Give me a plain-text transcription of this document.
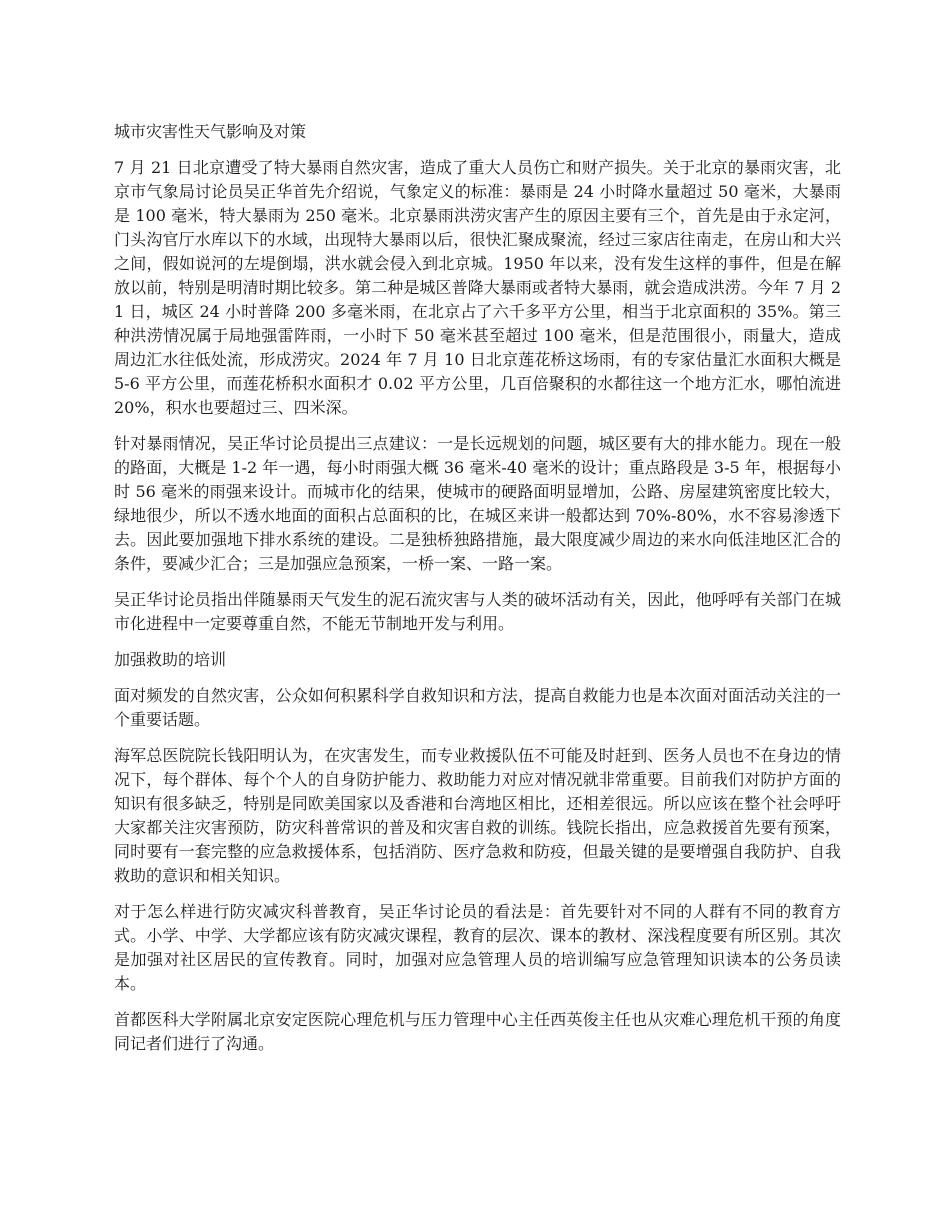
城市灾害性天气影响及对策

7 月 21 日北京遭受了特大暴雨自然灾害，造成了重大人员伤亡和财产损失。关于北京的暴雨灾害，北京市气象局讨论员吴正华首先介绍说，气象定义的标准：暴雨是 24 小时降水量超过 50 毫米，大暴雨是 100 毫米，特大暴雨为 250 毫米。北京暴雨洪涝灾害产生的原因主要有三个，首先是由于永定河，门头沟官厅水库以下的水域，出现特大暴雨以后，很快汇聚成聚流，经过三家店往南走，在房山和大兴之间，假如说河的左堤倒塌，洪水就会侵入到北京城。1950 年以来，没有发生这样的事件，但是在解放以前，特别是明清时期比较多。第二种是城区普降大暴雨或者特大暴雨，就会造成洪涝。今年 7 月 21 日，城区 24 小时普降 200 多毫米雨，在北京占了六千多平方公里，相当于北京面积的 35%。第三种洪涝情况属于局地强雷阵雨，一小时下 50 毫米甚至超过 100 毫米，但是范围很小，雨量大，造成周边汇水往低处流，形成涝灾。2024 年 7 月 10 日北京莲花桥这场雨，有的专家估量汇水面积大概是 5-6 平方公里，而莲花桥积水面积才 0.02 平方公里，几百倍聚积的水都往这一个地方汇水，哪怕流进 20%，积水也要超过三、四米深。

针对暴雨情况，吴正华讨论员提出三点建议：一是长远规划的问题，城区要有大的排水能力。现在一般的路面，大概是 1-2 年一遇，每小时雨强大概 36 毫米-40 毫米的设计；重点路段是 3-5 年，根据每小时 56 毫米的雨强来设计。而城市化的结果，使城市的硬路面明显增加，公路、房屋建筑密度比较大，绿地很少，所以不透水地面的面积占总面积的比，在城区来讲一般都达到 70%-80%，水不容易渗透下去。因此要加强地下排水系统的建设。二是独桥独路措施，最大限度减少周边的来水向低洼地区汇合的条件，要减少汇合；三是加强应急预案，一桥一案、一路一案。

吴正华讨论员指出伴随暴雨天气发生的泥石流灾害与人类的破坏活动有关，因此，他呼呼有关部门在城市化进程中一定要尊重自然，不能无节制地开发与利用。

加强救助的培训

面对频发的自然灾害，公众如何积累科学自救知识和方法，提高自救能力也是本次面对面活动关注的一个重要话题。

海军总医院院长钱阳明认为，在灾害发生，而专业救援队伍不可能及时赶到、医务人员也不在身边的情况下，每个群体、每个个人的自身防护能力、救助能力对应对情况就非常重要。目前我们对防护方面的知识有很多缺乏，特别是同欧美国家以及香港和台湾地区相比，还相差很远。所以应该在整个社会呼吁大家都关注灾害预防，防灾科普常识的普及和灾害自救的训练。钱院长指出，应急救援首先要有预案，同时要有一套完整的应急救援体系，包括消防、医疗急救和防疫，但最关键的是要增强自我防护、自我救助的意识和相关知识。

对于怎么样进行防灾减灾科普教育，吴正华讨论员的看法是：首先要针对不同的人群有不同的教育方式。小学、中学、大学都应该有防灾减灾课程，教育的层次、课本的教材、深浅程度要有所区别。其次是加强对社区居民的宣传教育。同时，加强对应急管理人员的培训编写应急管理知识读本的公务员读本。

首都医科大学附属北京安定医院心理危机与压力管理中心主任西英俊主任也从灾难心理危机干预的角度同记者们进行了沟通。
